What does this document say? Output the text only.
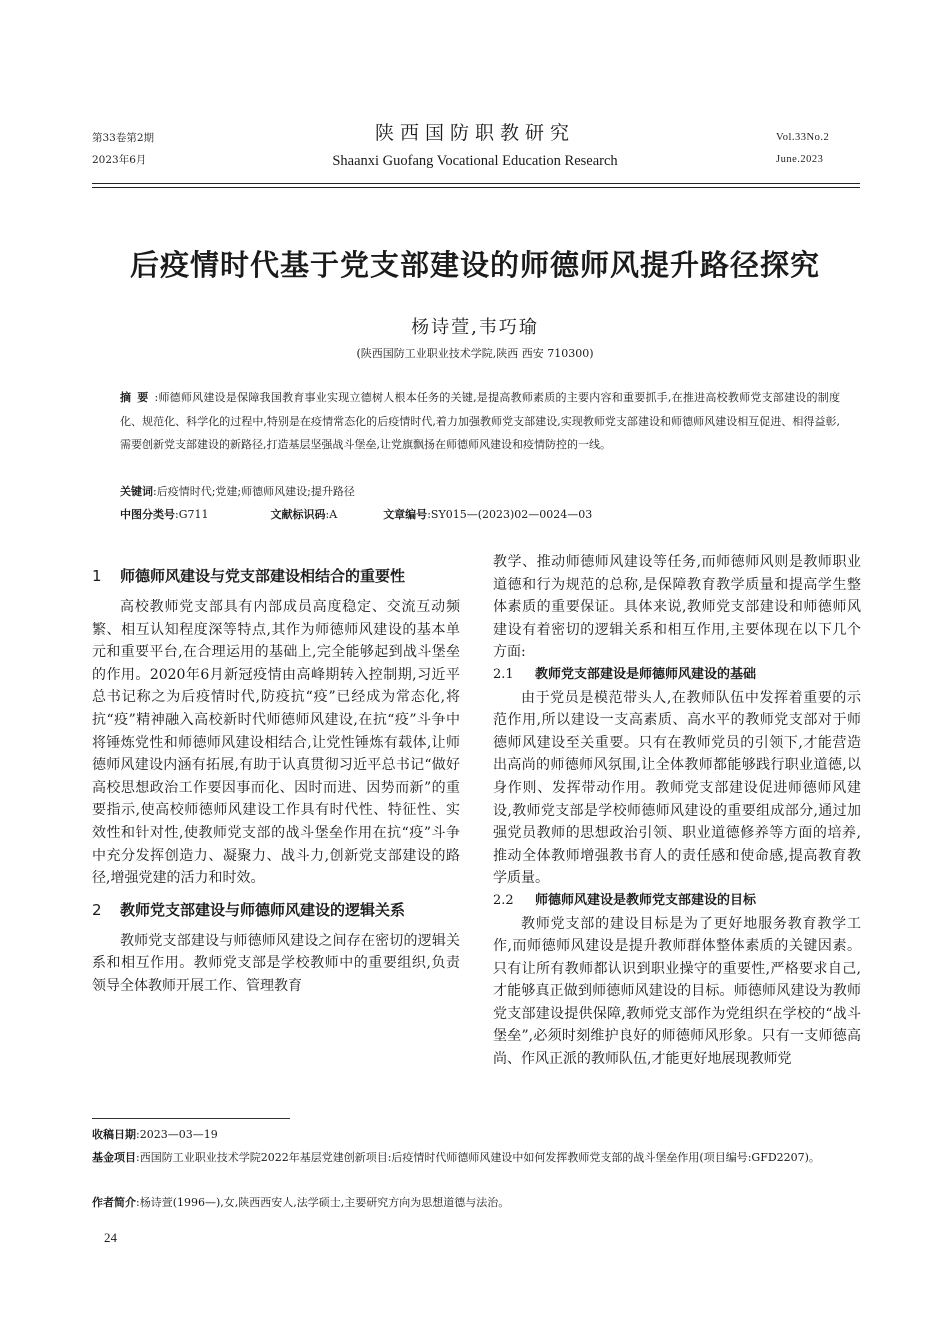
第33卷第2期
2023年6月
陕西国防职教研究
Shaanxi Guofang Vocational Education Research
Vol.33No.2
June.2023
后疫情时代基于党支部建设的师德师风提升路径探究
杨诗萱,韦巧瑜
(陕西国防工业职业技术学院,陕西 西安 710300)
摘要:师德师风建设是保障我国教育事业实现立德树人根本任务的关键,是提高教师素质的主要内容和重要抓手,在推进高校教师党支部建设的制度化、规范化、科学化的过程中,特别是在疫情常态化的后疫情时代,着力加强教师党支部建设,实现教师党支部建设和师德师风建设相互促进、相得益彰,需要创新党支部建设的新路径,打造基层坚强战斗堡垒,让党旗飘扬在师德师风建设和疫情防控的一线。
关键词:后疫情时代;党建;师德师风建设;提升路径
中图分类号:G711	文献标识码:A	文章编号:SY015—(2023)02—0024—03
1 师德师风建设与党支部建设相结合的重要性

高校教师党支部具有内部成员高度稳定、交流互动频繁、相互认知程度深等特点,其作为师德师风建设的基本单元和重要平台,在合理运用的基础上,完全能够起到战斗堡垒的作用。2020年6月新冠疫情由高峰期转入控制期,习近平总书记称之为后疫情时代,防疫抗“疫”已经成为常态化,将抗“疫”精神融入高校新时代师德师风建设,在抗“疫”斗争中将锤炼党性和师德师风建设相结合,让党性锤炼有载体,让师德师风建设内涵有拓展,有助于认真贯彻习近平总书记“做好高校思想政治工作要因事而化、因时而进、因势而新”的重要指示,使高校师德师风建设工作具有时代性、特征性、实效性和针对性,使教师党支部的战斗堡垒作用在抗“疫”斗争中充分发挥创造力、凝聚力、战斗力,创新党支部建设的路径,增强党建的活力和时效。

2 教师党支部建设与师德师风建设的逻辑关系

教师党支部建设与师德师风建设之间存在密切的逻辑关系和相互作用。教师党支部是学校教师中的重要组织,负责领导全体教师开展工作、管理教育

教学、推动师德师风建设等任务,而师德师风则是教师职业道德和行为规范的总称,是保障教育教学质量和提高学生整体素质的重要保证。具体来说,教师党支部建设和师德师风建设有着密切的逻辑关系和相互作用,主要体现在以下几个方面:

2.1 教师党支部建设是师德师风建设的基础

由于党员是模范带头人,在教师队伍中发挥着重要的示范作用,所以建设一支高素质、高水平的教师党支部对于师德师风建设至关重要。只有在教师党员的引领下,才能营造出高尚的师德师风氛围,让全体教师都能够践行职业道德,以身作则、发挥带动作用。教师党支部建设促进师德师风建设,教师党支部是学校师德师风建设的重要组成部分,通过加强党员教师的思想政治引领、职业道德修养等方面的培养,推动全体教师增强教书育人的责任感和使命感,提高教育教学质量。

2.2 师德师风建设是教师党支部建设的目标

教师党支部的建设目标是为了更好地服务教育教学工作,而师德师风建设是提升教师群体整体素质的关键因素。只有让所有教师都认识到职业操守的重要性,严格要求自己,才能够真正做到师德师风建设的目标。师德师风建设为教师党支部建设提供保障,教师党支部作为党组织在学校的“战斗堡垒”,必须时刻维护良好的师德师风形象。只有一支师德高尚、作风正派的教师队伍,才能更好地展现教师党

收稿日期:2023—03—19
基金项目:西国防工业职业技术学院2022年基层党建创新项目:后疫情时代师德师风建设中如何发挥教师党支部的战斗堡垒作用(项目编号:GFD2207)。
作者简介:杨诗萱(1996—),女,陕西西安人,法学硕士,主要研究方向为思想道德与法治。
24
